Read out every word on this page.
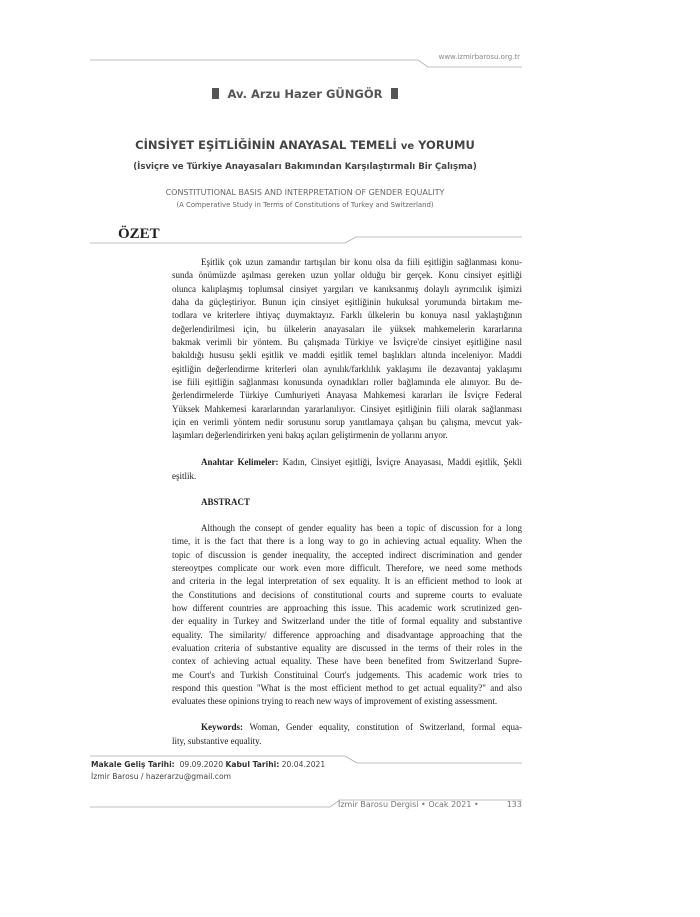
www.izmirbarosu.org.tr
Av. Arzu Hazer GÜNGÖR
CİNSİYET EŞİTLİĞİNİN ANAYASAL TEMELİ ve YORUMU
(İsviçre ve Türkiye Anayasaları Bakımından Karşılaştırmalı Bir Çalışma)
CONSTITUTIONAL BASIS AND INTERPRETATION OF GENDER EQUALITY
(A Comperative Study in Terms of Constitutions of Turkey and Switzerland)
ÖZET
Eşitlik çok uzun zamandır tartışılan bir konu olsa da fiili eşitliğin sağlanması konu-
sunda önümüzde aşılması gereken uzun yollar olduğu bir gerçek. Konu cinsiyet eşitliği
olunca kalıplaşmış toplumsal cinsiyet yargıları ve kanıksanmış dolaylı ayrımcılık işimizi
daha da güçleştiriyor. Bunun için cinsiyet eşitliğinin hukuksal yorumunda birtakım me-
todlara ve kriterlere ihtiyaç duymaktayız. Farklı ülkelerin bu konuya nasıl yaklaştığının
değerlendirilmesi için, bu ülkelerin anayasaları ile yüksek mahkemelerin kararlarına
bakmak verimli bir yöntem. Bu çalışmada Türkiye ve İsviçre'de cinsiyet eşitliğine nasıl
bakıldığı hususu şekli eşitlik ve maddi eşitlik temel başlıkları altında inceleniyor. Maddi
eşitliğin değerlendirme kriterleri olan aynılık/farklılık yaklaşımı ile dezavantaj yaklaşımı
ise fiili eşitliğin sağlanması konusunda oynadıkları roller bağlamında ele alınıyor. Bu de-
ğerlendirmelerde Türkiye Cumhuriyeti Anayasa Mahkemesi kararları ile İsviçre Federal
Yüksek Mahkemesi kararlarından yararlanılıyor. Cinsiyet eşitliğinin fiili olarak sağlanması
için en verimli yöntem nedir sorusunu sorup yanıtlamaya çalışan bu çalışma, mevcut yak-
laşımları değerlendirirken yeni bakış açıları geliştirmenin de yollarını arıyor.
Anahtar Kelimeler: Kadın, Cinsiyet eşitliği, İsviçre Anayasası, Maddi eşitlik, Şekli
eşitlik.
ABSTRACT
Although the consept of gender equality has been a topic of discussion for a long
time, it is the fact that there is a long way to go in achieving actual equality. When the
topic of discussion is gender inequality, the accepted indirect discrimination and gender
stereoytpes complicate our work even more difficult. Therefore, we need some methods
and criteria in the legal interpretation of sex equality. It is an efficient method to look at
the Constitutions and decisions of constitutional courts and supreme courts to evaluate
how different countries are approaching this issue. This academic work scrutinized gen-
der equality in Turkey and Switzerland under the title of formal equality and substantive
equality. The similarity/ difference approaching and disadvantage approaching that the
evaluation criteria of substantive equality are discussed in the terms of their roles in the
contex of achieving actual equality. These have been benefited from Switzerland Supre-
me Court's and Turkish Constituinal Court's judgements. This academic work tries to
respond this question "What is the most efficient method to get actual equality?" and also
evaluates these opinions trying to reach new ways of improvement of existing assessment.
Keywords: Woman, Gender equality, constitution of Switzerland, formal equa-
lity, substantive equality.
Makale Geliş Tarihi: 09.09.2020 Kabul Tarihi: 20.04.2021
İzmir Barosu / hazerarzu@gmail.com
İzmir Barosu Dergisi • Ocak 2021 •	133
